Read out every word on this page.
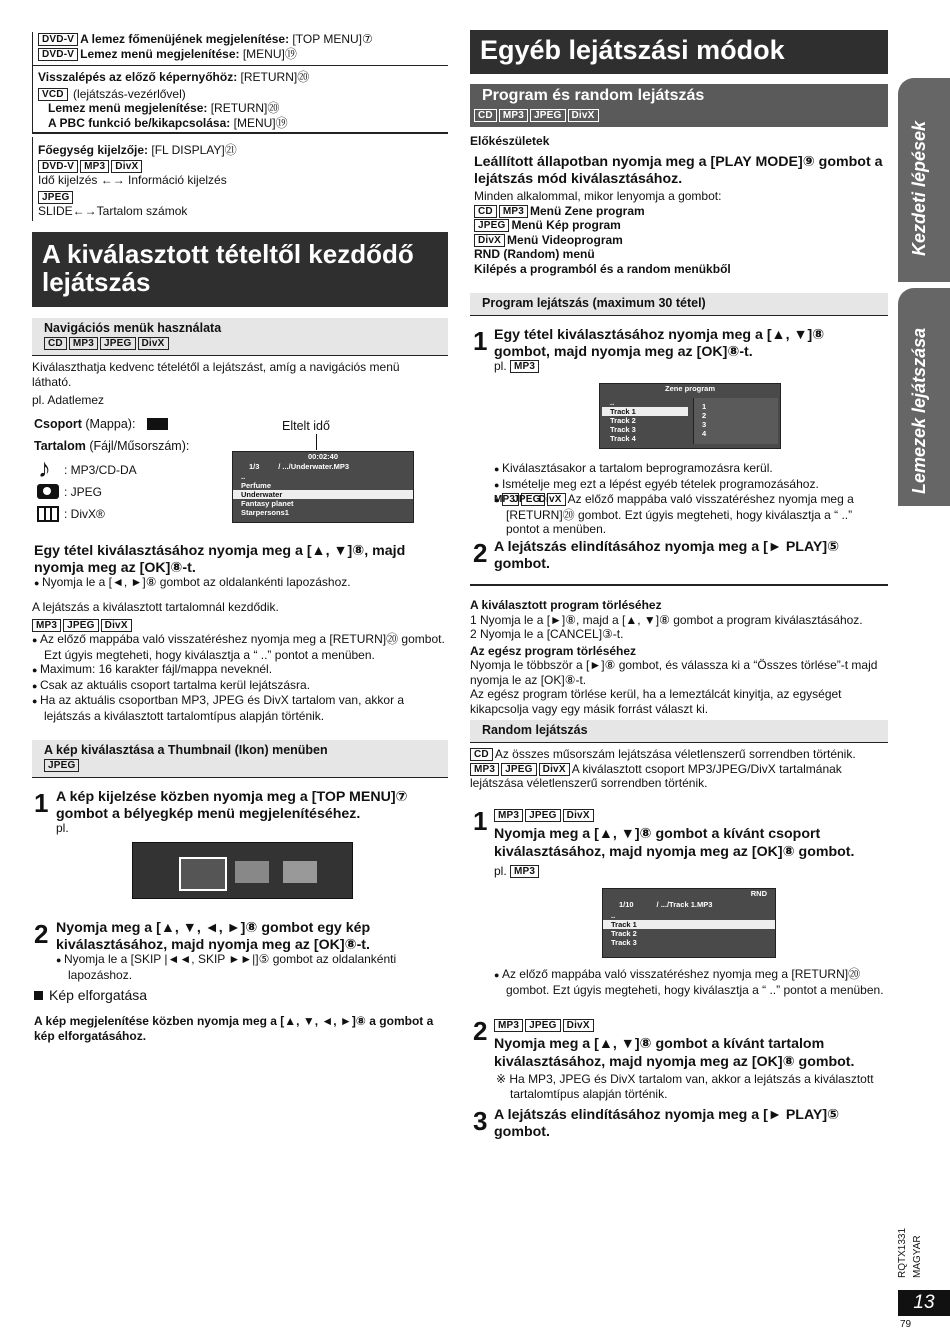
DVD-V A lemez főmenüjének megjelenítése: [TOP MENU]⑦
DVD-V Lemez menü megjelenítése: [MENU]⑲
Visszalépés az előző képernyőhöz: [RETURN]⑳
VCD (lejátszás-vezérlővel)
Lemez menü megjelenítése: [RETURN]⑳
A PBC funkció be/kikapcsolása: [MENU]⑲
Főegység kijelzője: [FL DISPLAY]㉑
DVD-V MP3 DivX
Idő kijelzés ←→ Információ kijelzés
JPEG
SLIDE←→Tartalom számok
A kiválasztott tételtől kezdődő lejátszás
Navigációs menük használata
CD MP3 JPEG DivX
Kiválaszthatja kedvenc tételétől a lejátszást, amíg a navigációs menü látható.
pl. Adatlemez
Csoport (Mappa):
Tartalom (Fájl/Műsorszám):
Eltelt idő
♪ : MP3/CD-DA
: JPEG
: DivX®
00:02:40
1/3	/ .../Underwater.MP3
..
Perfume
Underwater
Fantasy planet
Starpersons1
Egy tétel kiválasztásához nyomja meg a [▲, ▼]⑧, majd nyomja meg az [OK]⑧-t.
● Nyomja le a [◄, ►]⑧ gombot az oldalankénti lapozáshoz.
A lejátszás a kiválasztott tartalomnál kezdődik.
MP3 JPEG DivX
● Az előző mappába való visszatéréshez nyomja meg a [RETURN]⑳ gombot. Ezt úgyis megteheti, hogy kiválasztja a “ ..” pontot a menüben.
● Maximum: 16 karakter fájl/mappa neveknél.
● Csak az aktuális csoport tartalma kerül lejátszásra.
● Ha az aktuális csoportban MP3, JPEG és DivX tartalom van, akkor a lejátszás a kiválasztott tartalomtípus alapján történik.
A kép kiválasztása a Thumbnail (Ikon) menüben
JPEG
1 A kép kijelzése közben nyomja meg a [TOP MENU]⑦ gombot a bélyegkép menü megjelenítéséhez.
pl.
2 Nyomja meg a [▲, ▼, ◄, ►]⑧ gombot egy kép kiválasztásához, majd nyomja meg az [OK]⑧-t.
● Nyomja le a [SKIP |◄◄, SKIP ►►|]⑤ gombot az oldalankénti lapozáshoz.
Kép elforgatása
A kép megjelenítése közben nyomja meg a [▲, ▼, ◄, ►]⑧ a gombot a kép elforgatásához.
Egyéb lejátszási módok
Program és random lejátszás
CD MP3 JPEG DivX
Előkészületek
Leállított állapotban nyomja meg a [PLAY MODE]⑨ gombot a lejátszás mód kiválasztásához.
Minden alkalommal, mikor lenyomja a gombot:
CD MP3 Menü Zene program
JPEG Menü Kép program
DivX Menü Videoprogram
RND (Random) menü
Kilépés a programból és a random menükből
Program lejátszás (maximum 30 tétel)
1 Egy tétel kiválasztásához nyomja meg a [▲, ▼]⑧ gombot, majd nyomja meg az [OK]⑧-t.
pl. MP3
Zene program
..
Track 1
Track 2
Track 3
Track 4
1
2
3
4
● Kiválasztásakor a tartalom beprogramozásra kerül.
● Ismételje meg ezt a lépést egyéb tételek programozásához.
● MP3JPEGDivX Az előző mappába való visszatéréshez nyomja meg a [RETURN]⑳ gombot. Ezt úgyis megteheti, hogy kiválasztja a “ ..” pontot a menüben.
2 A lejátszás elindításához nyomja meg a [► PLAY]⑤ gombot.
A kiválasztott program törléséhez
1 Nyomja le a [►]⑧, majd a [▲, ▼]⑧ gombot a program kiválasztásához.
2 Nyomja le a [CANCEL]③-t.
Az egész program törléséhez
Nyomja le többször a [►]⑧ gombot, és válassza ki a “Összes törlése”-t majd nyomja le az [OK]⑧-t.
Az egész program törlése kerül, ha a lemeztálcát kinyitja, az egységet kikapcsolja vagy egy másik forrást választ ki.
Random lejátszás
CD Az összes műsorszám lejátszása véletlenszerű sorrendben történik.
MP3 JPEG DivX A kiválasztott csoport MP3/JPEG/DivX tartalmának lejátszása véletlenszerű sorrendben történik.
1	MP3 JPEG DivX
Nyomja meg a [▲, ▼]⑧ gombot a kívánt csoport kiválasztásához, majd nyomja meg az [OK]⑧ gombot.
pl. MP3
RND
1/10	/ .../Track 1.MP3
..
Track 1
Track 2
Track 3
● Az előző mappába való visszatéréshez nyomja meg a [RETURN]⑳ gombot. Ezt úgyis megteheti, hogy kiválasztja a “ ..” pontot a menüben.
2	MP3 JPEG DivX
Nyomja meg a [▲, ▼]⑧ gombot a kívánt tartalom
kiválasztásához, majd nyomja meg az [OK]⑧ gombot.
※ Ha MP3, JPEG és DivX tartalom van, akkor a lejátszás a kiválasztott tartalomtípus alapján történik.
3 A lejátszás elindításához nyomja meg a [► PLAY]⑤ gombot.
Kezdeti lépések
Lemezek lejátszása
RQTX1331 MAGYAR
13
79
